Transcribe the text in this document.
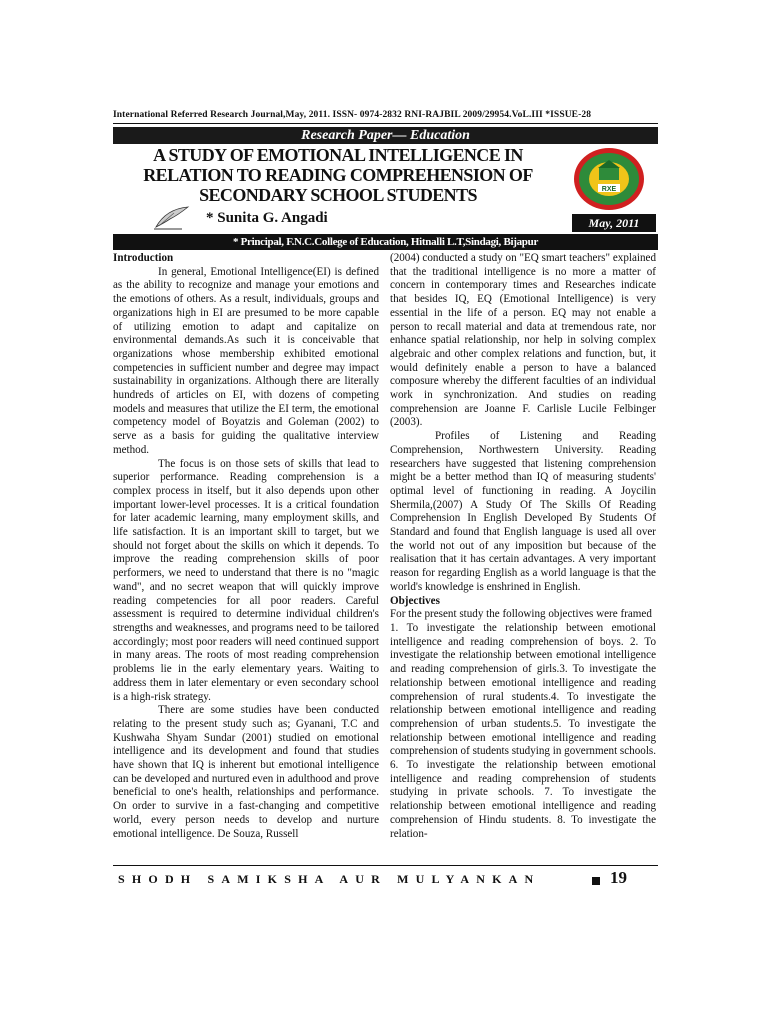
International Referred Research Journal,May, 2011. ISSN- 0974-2832 RNI-RAJBIL 2009/29954.VoL.III *ISSUE-28
Research Paper— Education
A STUDY OF EMOTIONAL INTELLIGENCE IN
RELATION TO READING COMPREHENSION OF
SECONDARY SCHOOL STUDENTS	RXE
* Sunita G. Angadi	May, 2011
* Principal, F.N.C.College of Education, Hitnalli L.T,Sindagi, Bijapur

Introduction

In general, Emotional Intelligence(EI) is defined as the ability to recognize and manage your emotions and the emotions of others. As a result, individuals, groups and organizations high in EI are presumed to be more capable of utilizing emotion to adapt and capitalize on environmental demands.As such it is conceivable that organizations whose membership exhibited emotional competencies in sufficient number and degree may impact sustainability in organizations. Although there are literally hundreds of articles on EI, with dozens of competing models and measures that utilize the EI term, the emotional competency model of Boyatzis and Goleman (2002) to serve as a basis for guiding the qualitative interview method.

The focus is on those sets of skills that lead to superior performance. Reading comprehension is a complex process in itself, but it also depends upon other important lower-level processes. It is a critical foundation for later academic learning, many employment skills, and life satisfaction. It is an important skill to target, but we should not forget about the skills on which it depends. To improve the reading comprehension skills of poor performers, we need to understand that there is no "magic wand", and no secret weapon that will quickly improve reading competencies for all poor readers. Careful assessment is required to determine individual children's strengths and weaknesses, and programs need to be tailored accordingly; most poor readers will need continued support in many areas. The roots of most reading comprehension problems lie in the early elementary years. Waiting to address them in later elementary or even secondary school is a high-risk strategy.

There are some studies have been conducted relating to the present study such as; Gyanani, T.C and Kushwaha Shyam Sundar (2001) studied on emotional intelligence and its development and found that studies have shown that IQ is inherent but emotional intelligence can be developed and nurtured even in adulthood and prove beneficial to one's health, relationships and performance. On order to survive in a fast-changing and competitive world, every person needs to develop and nurture emotional intelligence. De Souza, Russell

(2004) conducted a study on "EQ smart teachers" explained that the traditional intelligence is no more a matter of concern in contemporary times and Researches indicate that besides IQ, EQ (Emotional Intelligence) is very essential in the life of a person. EQ may not enable a person to recall material and data at tremendous rate, nor enhance spatial relationship, nor help in solving complex algebraic and other complex relations and function, but, it would definitely enable a person to have a balanced composure whereby the different faculties of an individual work in synchronization. And studies on reading comprehension are Joanne F. Carlisle Lucile Felbinger (2003).

Profiles of Listening and Reading Comprehension, Northwestern University. Reading researchers have suggested that listening comprehension might be a better method than IQ of measuring students' optimal level of functioning in reading. A Joycilin Shermila,(2007) A Study Of The Skills Of Reading Comprehension In English Developed By Students Of Standard and found that English language is used all over the world not out of any imposition but because of the realisation that it has certain advantages. A very important reason for regarding English as a world language is that the world's knowledge is enshrined in English.

Objectives

For the present study the following objectives were framed

1. To investigate the relationship between emotional intelligence and reading comprehension of boys. 2. To investigate the relationship between emotional intelligence and reading comprehension of girls.3. To investigate the relationship between emotional intelligence and reading comprehension of rural students.4. To investigate the relationship between emotional intelligence and reading comprehension of urban students.5. To investigate the relationship between emotional intelligence and reading comprehension of students studying in government schools. 6. To investigate the relationship between emotional intelligence and reading comprehension of students studying in private schools. 7. To investigate the relationship between emotional intelligence and reading comprehension of Hindu students. 8. To investigate the relation-

SHODH SAMIKSHA AUR MULYANKAN	19
